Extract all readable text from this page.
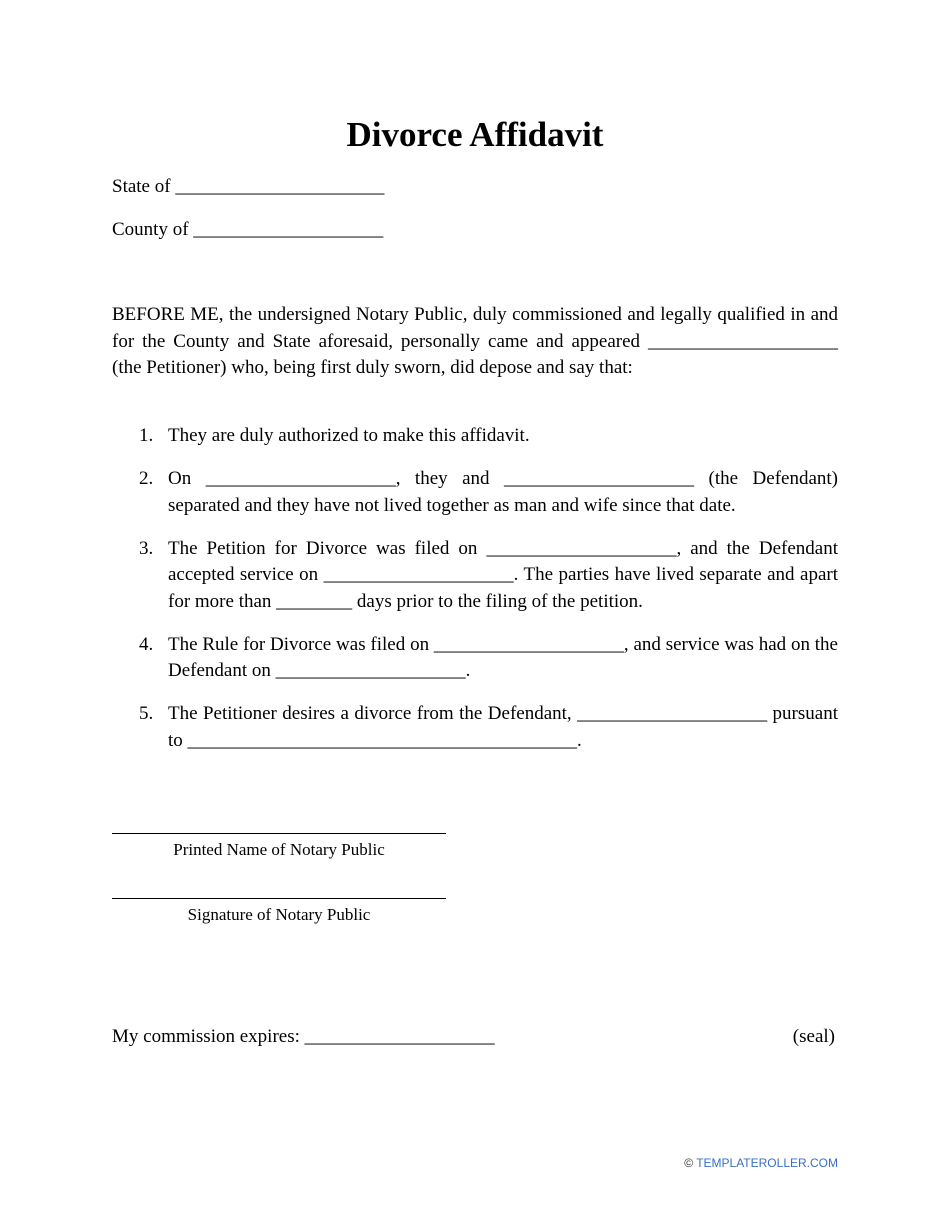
Divorce Affidavit
State of ______________________
County of ____________________

BEFORE ME, the undersigned Notary Public, duly commissioned and legally qualified in and for the County and State aforesaid, personally came and appeared ____________________ (the Petitioner) who, being first duly sworn, did depose and say that:

1. They are duly authorized to make this affidavit.
2. On ____________________, they and ____________________ (the Defendant) separated and they have not lived together as man and wife since that date.
3. The Petition for Divorce was filed on ____________________, and the Defendant accepted service on ____________________. The parties have lived separate and apart for more than ________ days prior to the filing of the petition.
4. The Rule for Divorce was filed on ____________________, and service was had on the Defendant on ____________________.
5. The Petitioner desires a divorce from the Defendant, ____________________ pursuant to _________________________________________.
Printed Name of Notary Public
Signature of Notary Public
My commission expires: ____________________	(seal)
© TEMPLATEROLLER.COM
